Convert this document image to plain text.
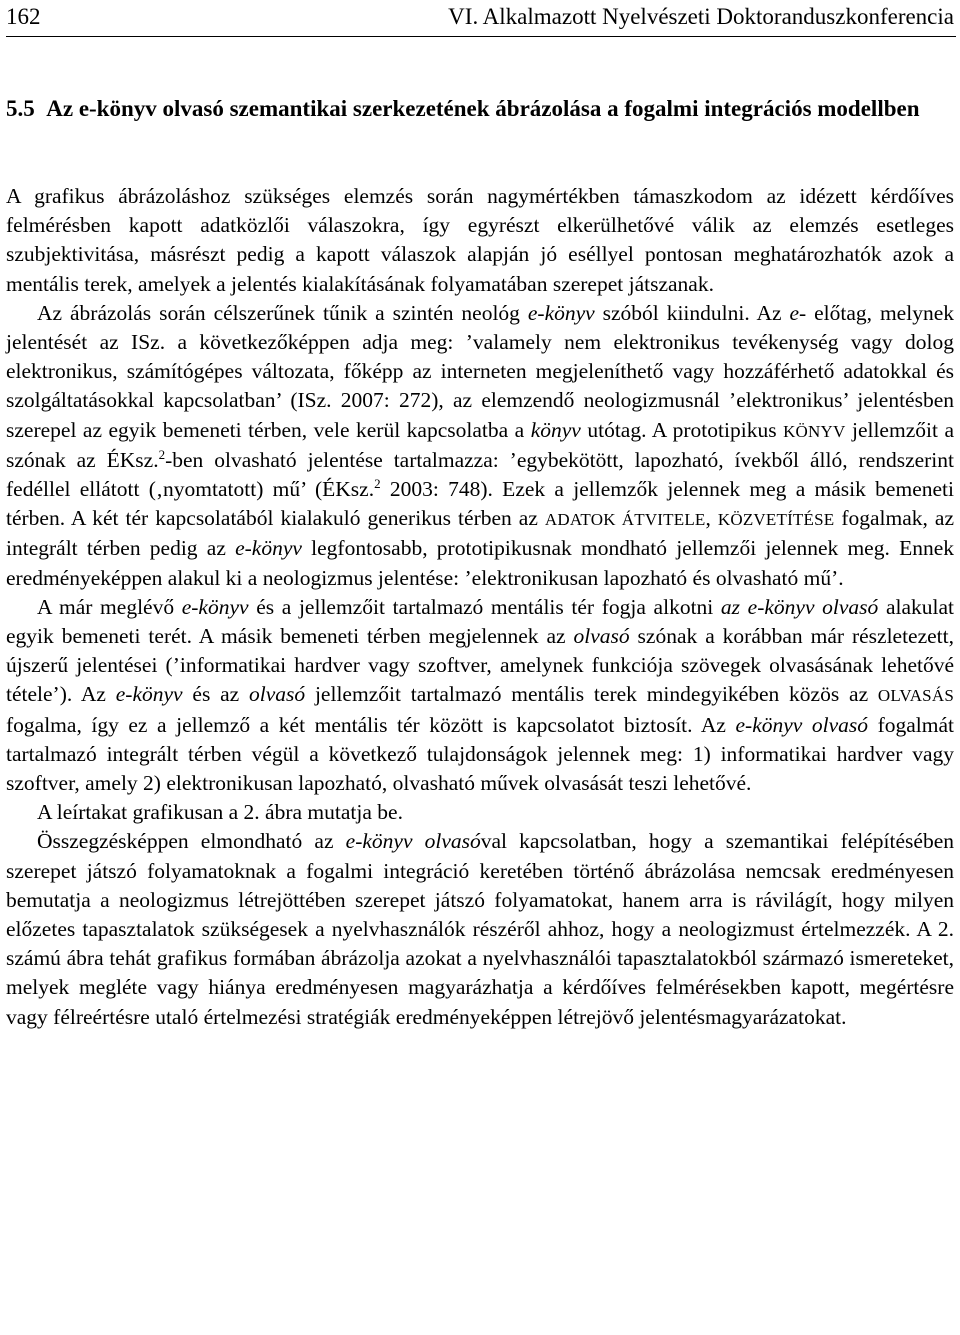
162	VI. Alkalmazott Nyelvészeti Doktoranduszkonferencia
5.5 Az e-könyv olvasó szemantikai szerkezetének ábrázolása a fogalmi integrációs modellben

A grafikus ábrázoláshoz szükséges elemzés során nagymértékben támaszkodom az idézett kérdőíves felmérésben kapott adatközlői válaszokra, így egyrészt elkerülhetővé válik az elemzés esetleges szubjektivitása, másrészt pedig a kapott válaszok alapján jó eséllyel pontosan meghatározhatók azok a mentális terek, amelyek a jelentés kialakításának folyamatában szerepet játszanak.

Az ábrázolás során célszerűnek tűnik a szintén neológ e-könyv szóból kiindulni. Az e- előtag, melynek jelentését az ISz. a következőképpen adja meg: ’valamely nem elektronikus tevékenység vagy dolog elektronikus, számítógépes változata, főképp az interneten megjeleníthető vagy hozzáférhető adatokkal és szolgáltatásokkal kapcsolatban’ (ISz. 2007: 272), az elemzendő neologizmusnál ’elektronikus’ jelentésben szerepel az egyik bemeneti térben, vele kerül kapcsolatba a könyv utótag. A prototipikus KÖNYV jellemzőit a szónak az ÉKsz.$^2$-ben olvasható jelentése tartalmazza: ’egybekötött, lapozható, ívekből álló, rendszerint fedéllel ellátott (‚nyomtatott) mű’ (ÉKsz.$^2$ 2003: 748). Ezek a jellemzők jelennek meg a másik bemeneti térben. A két tér kapcsolatából kialakuló generikus térben az ADATOK ÁTVITELE, KÖZVETÍTÉSE fogalmak, az integrált térben pedig az e-könyv legfontosabb, prototipikusnak mondható jellemzői jelennek meg. Ennek eredményeképpen alakul ki a neologizmus jelentése: ’elektronikusan lapozható és olvasható mű’.

A már meglévő e-könyv és a jellemzőit tartalmazó mentális tér fogja alkotni az e-könyv olvasó alakulat egyik bemeneti terét. A másik bemeneti térben megjelennek az olvasó szónak a korábban már részletezett, újszerű jelentései (’informatikai hardver vagy szoftver, amelynek funkciója szövegek olvasásának lehetővé tétele’). Az e-könyv és az olvasó jellemzőit tartalmazó mentális terek mindegyikében közös az OLVASÁS fogalma, így ez a jellemző a két mentális tér között is kapcsolatot biztosít. Az e-könyv olvasó fogalmát tartalmazó integrált térben végül a következő tulajdonságok jelennek meg: 1) informatikai hardver vagy szoftver, amely 2) elektronikusan lapozható, olvasható művek olvasását teszi lehetővé.

A leírtakat grafikusan a 2. ábra mutatja be.

Összegzésképpen elmondható az e-könyv olvasóval kapcsolatban, hogy a szemantikai felépítésében szerepet játszó folyamatoknak a fogalmi integráció keretében történő ábrázolása nemcsak eredményesen bemutatja a neologizmus létrejöttében szerepet játszó folyamatokat, hanem arra is rávilágít, hogy milyen előzetes tapasztalatok szükségesek a nyelvhasználók részéről ahhoz, hogy a neologizmust értelmezzék. A 2. számú ábra tehát grafikus formában ábrázolja azokat a nyelvhasználói tapasztalatokból származó ismereteket, melyek megléte vagy hiánya eredményesen magyarázhatja a kérdőíves felmérésekben kapott, megértésre vagy félreértésre utaló értelmezési stratégiák eredményeképpen létrejövő jelentésmagyarázatokat.
